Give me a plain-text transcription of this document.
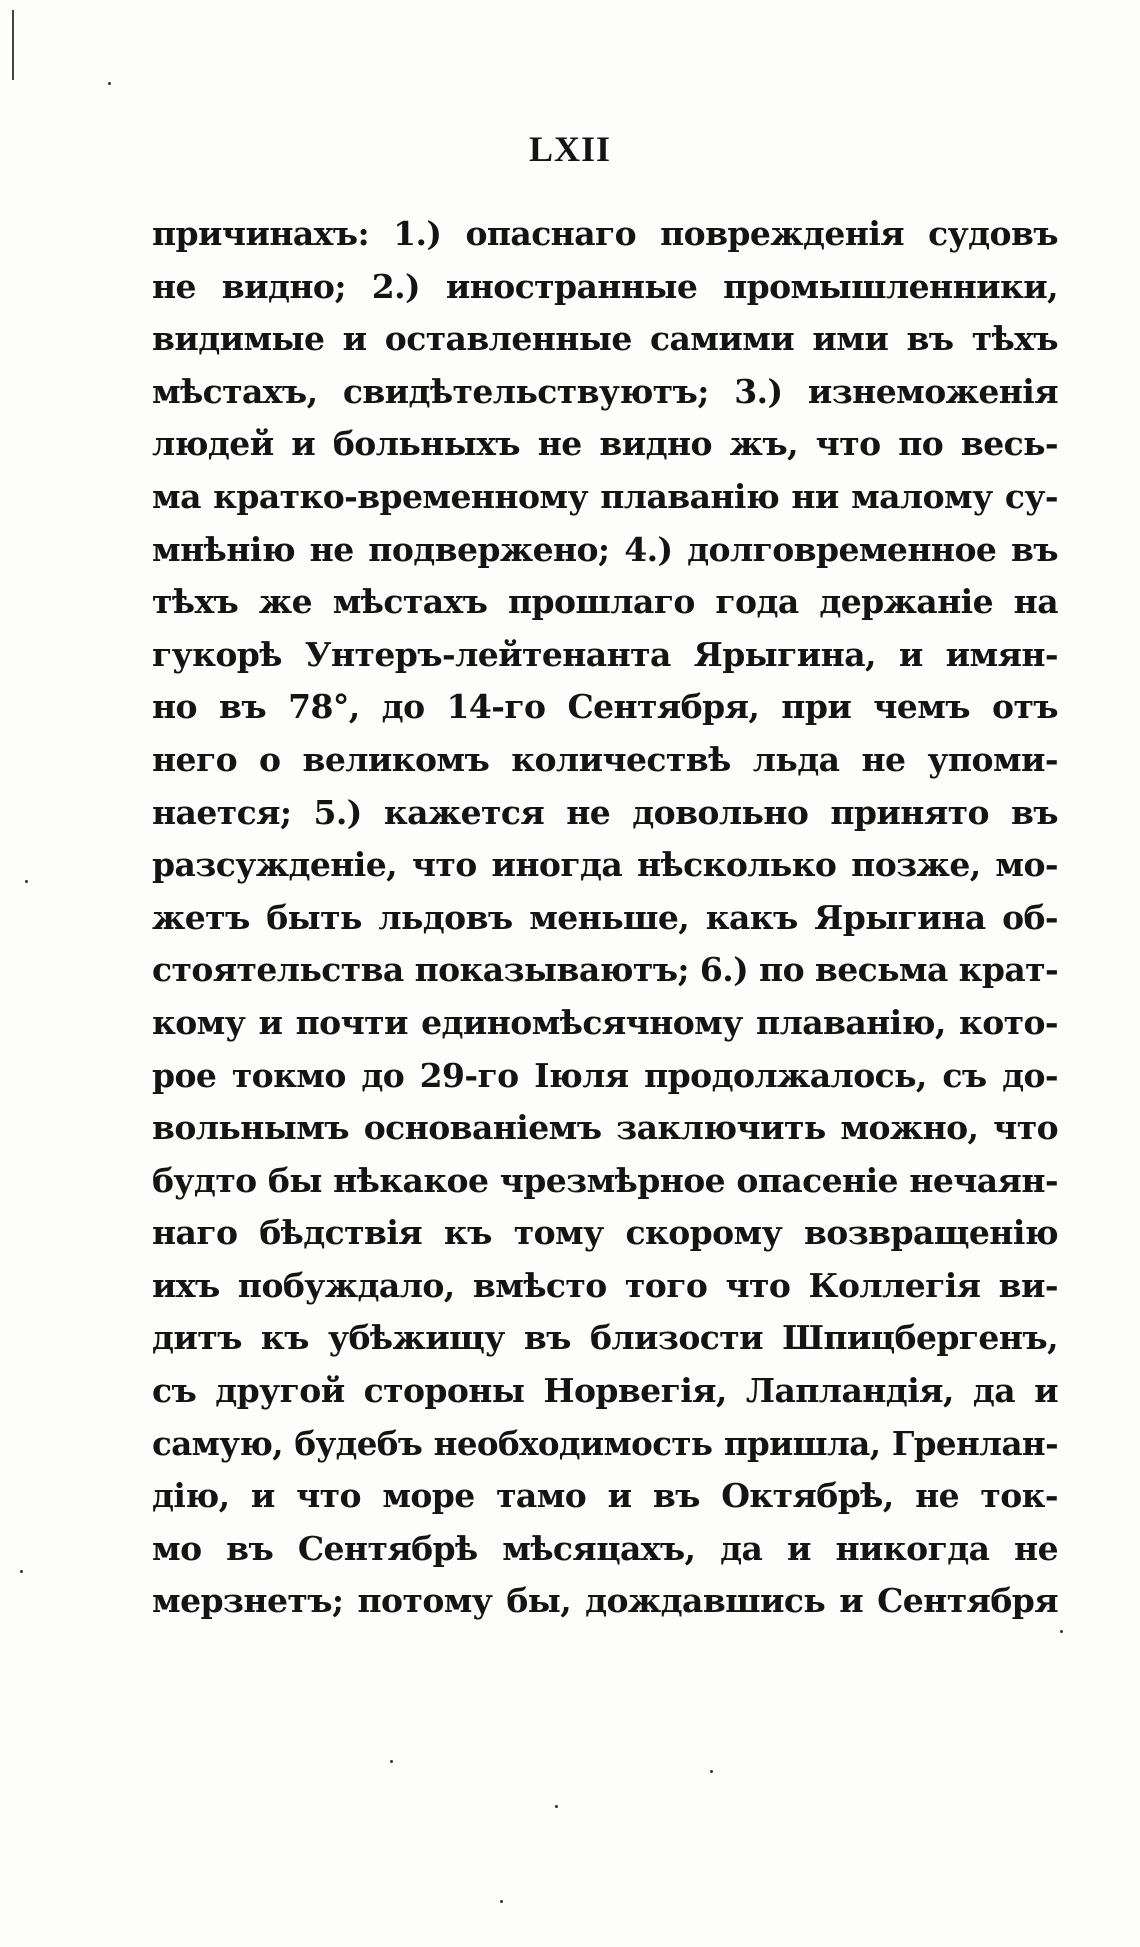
LXII
причинахъ: 1.) опаснаго поврежденія судовъ
не видно; 2.) иностранные промышленники,
видимые и оставленные самими ими въ тѣхъ
мѣстахъ, свидѣтельствуютъ; 3.) изнеможенія
людей и больныхъ не видно жъ, что по весь-
ма кратко-временному плаванію ни малому су-
мнѣнію не подвержено; 4.) долговременное въ
тѣхъ же мѣстахъ прошлаго года держаніе на
гукорѣ Унтеръ-лейтенанта Ярыгина, и имян-
но въ 78°, до 14-го Сентября, при чемъ отъ
него о великомъ количествѣ льда не упоми-
нается; 5.) кажется не довольно принято въ
разсужденіе, что иногда нѣсколько позже, мо-
жетъ быть льдовъ меньше, какъ Ярыгина об-
стоятельства показываютъ; 6.) по весьма крат-
кому и почти единомѣсячному плаванію, кото-
рое токмо до 29-го Іюля продолжалось, съ до-
вольнымъ основаніемъ заключить можно, что
будто бы нѣкакое чрезмѣрное опасеніе нечаян-
наго бѣдствія къ тому скорому возвращенію
ихъ побуждало, вмѣсто того что Коллегія ви-
дитъ къ убѣжищу въ близости Шпицбергенъ,
съ другой стороны Норвегія, Лапландія, да и
самую, будебъ необходимость пришла, Гренлан-
дію, и что море тамо и въ Октябрѣ, не ток-
мо въ Сентябрѣ мѣсяцахъ, да и никогда не
мерзнетъ; потому бы, дождавшись и Сентября
